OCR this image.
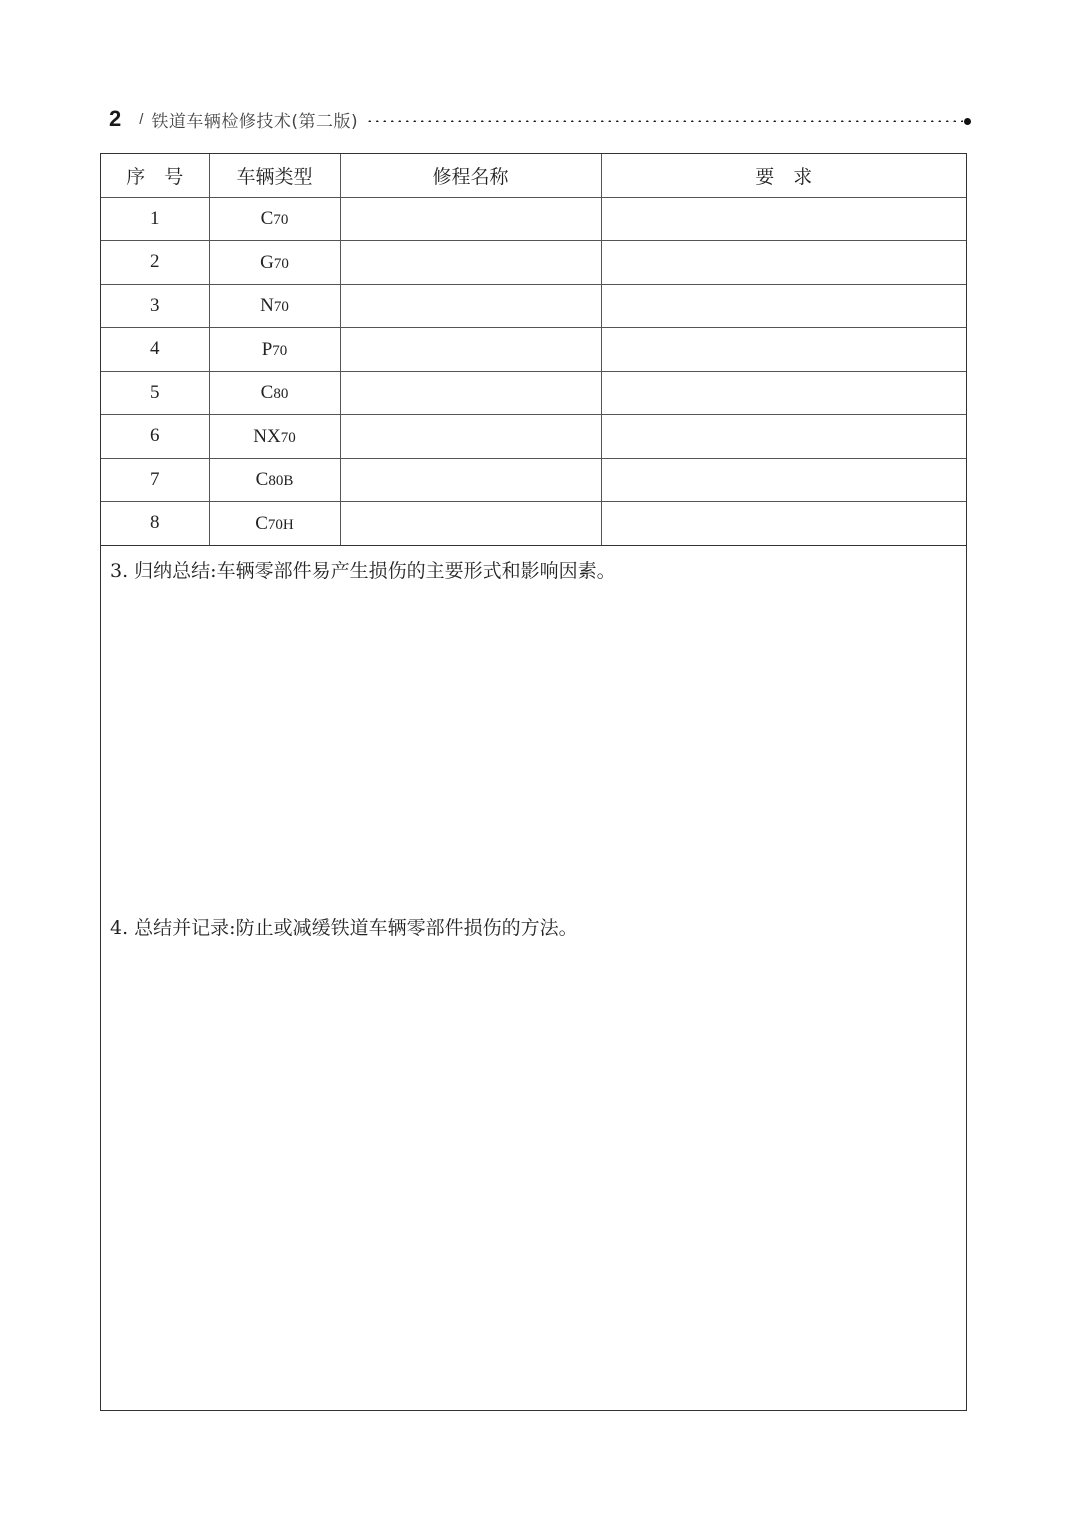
2 / 铁道车辆检修技术(第二版)
序　号	车辆类型	修程名称	要　求
1	C70		
2	G70		
3	N70		
4	P70		
5	C80		
6	NX70		
7	C80B		
8	C70H		
3. 归纳总结:车辆零部件易产生损伤的主要形式和影响因素。
4. 总结并记录:防止或减缓铁道车辆零部件损伤的方法。
